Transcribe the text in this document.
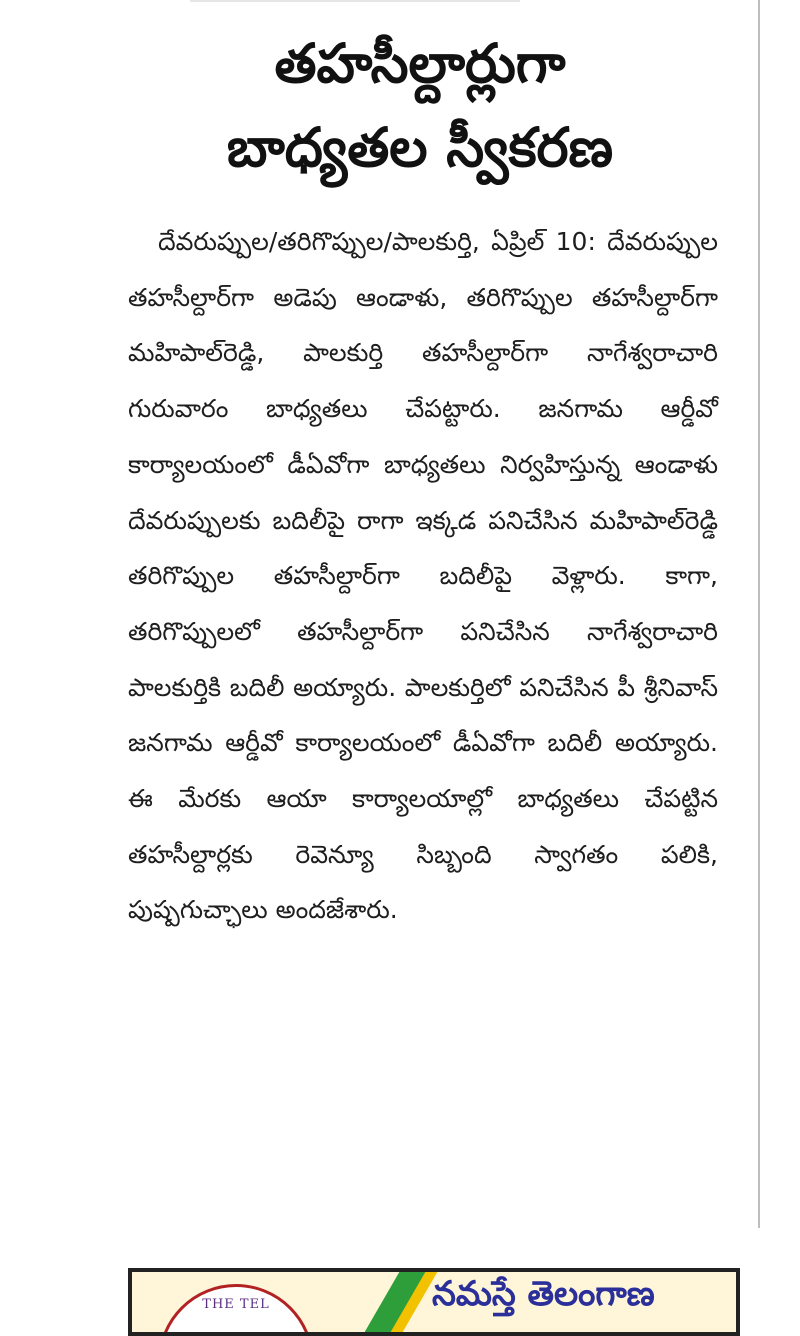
తహసీల్దార్లుగా
బాధ్యతల స్వీకరణ
దేవరుప్పుల/తరిగొప్పుల/పాలకుర్తి, ఏప్రిల్ 10: దేవరుప్పుల తహసీల్దార్‌గా అడెపు ఆండాళు, తరిగొప్పుల తహసీల్దార్‌గా మహిపాల్‌రెడ్డి, పాలకుర్తి తహసీల్దార్‌గా నాగేశ్వరాచారి గురువారం బాధ్యతలు చేపట్టారు. జనగామ ఆర్డీవో కార్యాలయంలో డీఏవోగా బాధ్యతలు నిర్వహిస్తున్న ఆండాళు దేవరుప్పులకు బదిలీపై రాగా ఇక్కడ పనిచేసిన మహిపాల్‌రెడ్డి తరిగొప్పుల తహసీల్దార్‌గా బదిలీపై వెళ్లారు. కాగా, తరిగొప్పులలో తహసీల్దార్‌గా పనిచేసిన నాగేశ్వరాచారి పాలకుర్తికి బదిలీ అయ్యారు. పాలకుర్తిలో పనిచేసిన పీ శ్రీనివాస్ జనగామ ఆర్డీవో కార్యాలయంలో డీఏవోగా బదిలీ అయ్యారు. ఈ మేరకు ఆయా కార్యాలయాల్లో బాధ్యతలు చేపట్టిన తహసీల్దార్లకు రెవెన్యూ సిబ్బంది స్వాగతం పలికి, పుష్పగుచ్ఛాలు అందజేశారు.
THE TEL	నమస్తే తెలంగాణ
